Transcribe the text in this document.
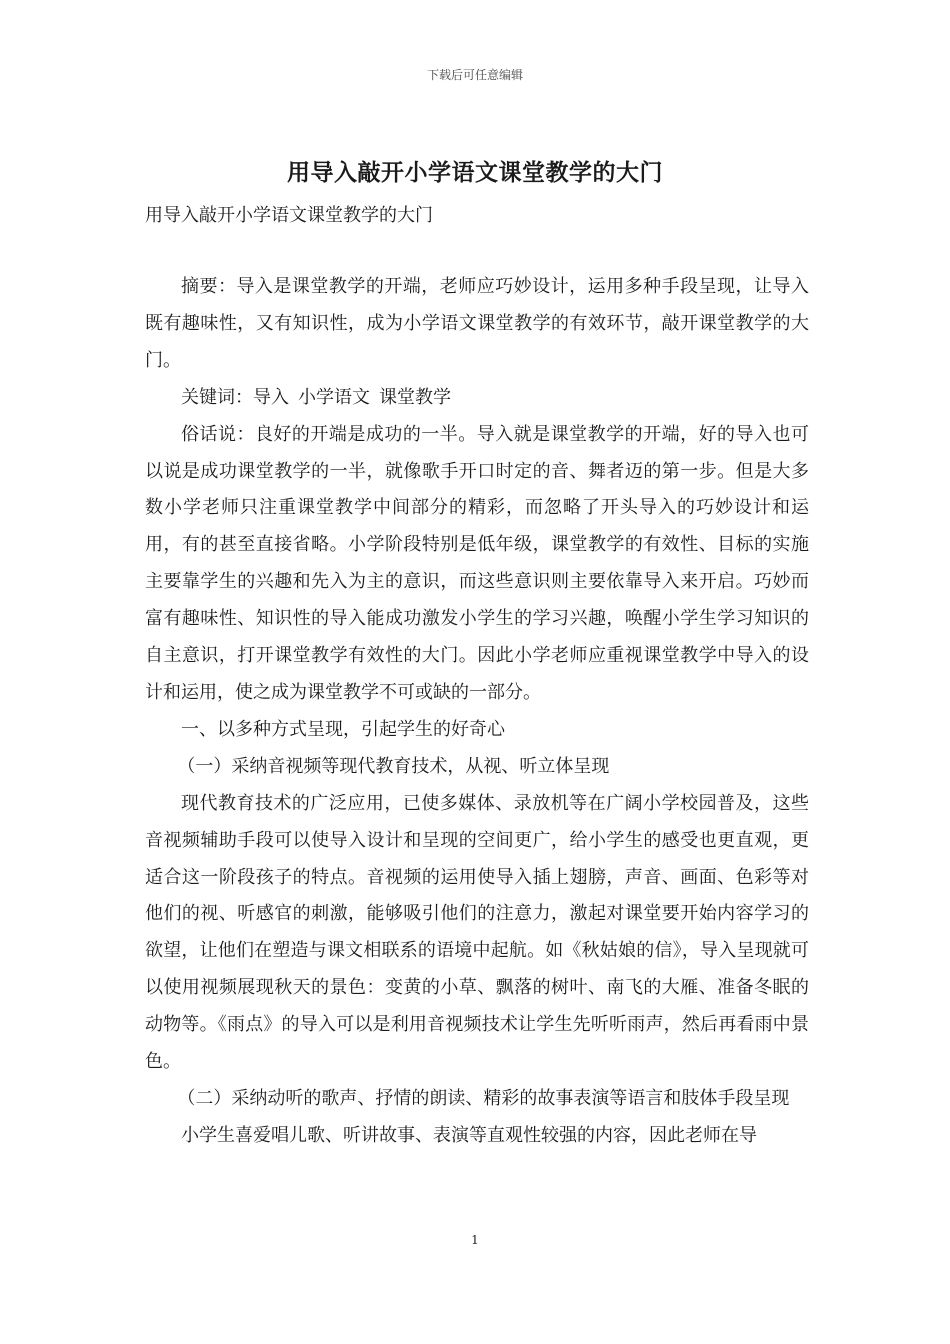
下载后可任意编辑
用导入敲开小学语文课堂教学的大门
用导入敲开小学语文课堂教学的大门

摘要：导入是课堂教学的开端，老师应巧妙设计，运用多种手段呈现，让导入既有趣味性，又有知识性，成为小学语文课堂教学的有效环节，敲开课堂教学的大门。

关键词：导入 小学语文 课堂教学

俗话说：良好的开端是成功的一半。导入就是课堂教学的开端，好的导入也可以说是成功课堂教学的一半，就像歌手开口时定的音、舞者迈的第一步。但是大多数小学老师只注重课堂教学中间部分的精彩，而忽略了开头导入的巧妙设计和运用，有的甚至直接省略。小学阶段特别是低年级，课堂教学的有效性、目标的实施主要靠学生的兴趣和先入为主的意识，而这些意识则主要依靠导入来开启。巧妙而富有趣味性、知识性的导入能成功激发小学生的学习兴趣，唤醒小学生学习知识的自主意识，打开课堂教学有效性的大门。因此小学老师应重视课堂教学中导入的设计和运用，使之成为课堂教学不可或缺的一部分。

一、以多种方式呈现，引起学生的好奇心

（一）采纳音视频等现代教育技术，从视、听立体呈现

现代教育技术的广泛应用，已使多媒体、录放机等在广阔小学校园普及，这些音视频辅助手段可以使导入设计和呈现的空间更广，给小学生的感受也更直观，更适合这一阶段孩子的特点。音视频的运用使导入插上翅膀，声音、画面、色彩等对他们的视、听感官的刺激，能够吸引他们的注意力，激起对课堂要开始内容学习的欲望，让他们在塑造与课文相联系的语境中起航。如《秋姑娘的信》，导入呈现就可以使用视频展现秋天的景色：变黄的小草、飘落的树叶、南飞的大雁、准备冬眠的动物等。《雨点》的导入可以是利用音视频技术让学生先听听雨声，然后再看雨中景色。

（二）采纳动听的歌声、抒情的朗读、精彩的故事表演等语言和肢体手段呈现

小学生喜爱唱儿歌、听讲故事、表演等直观性较强的内容，因此老师在导

1
